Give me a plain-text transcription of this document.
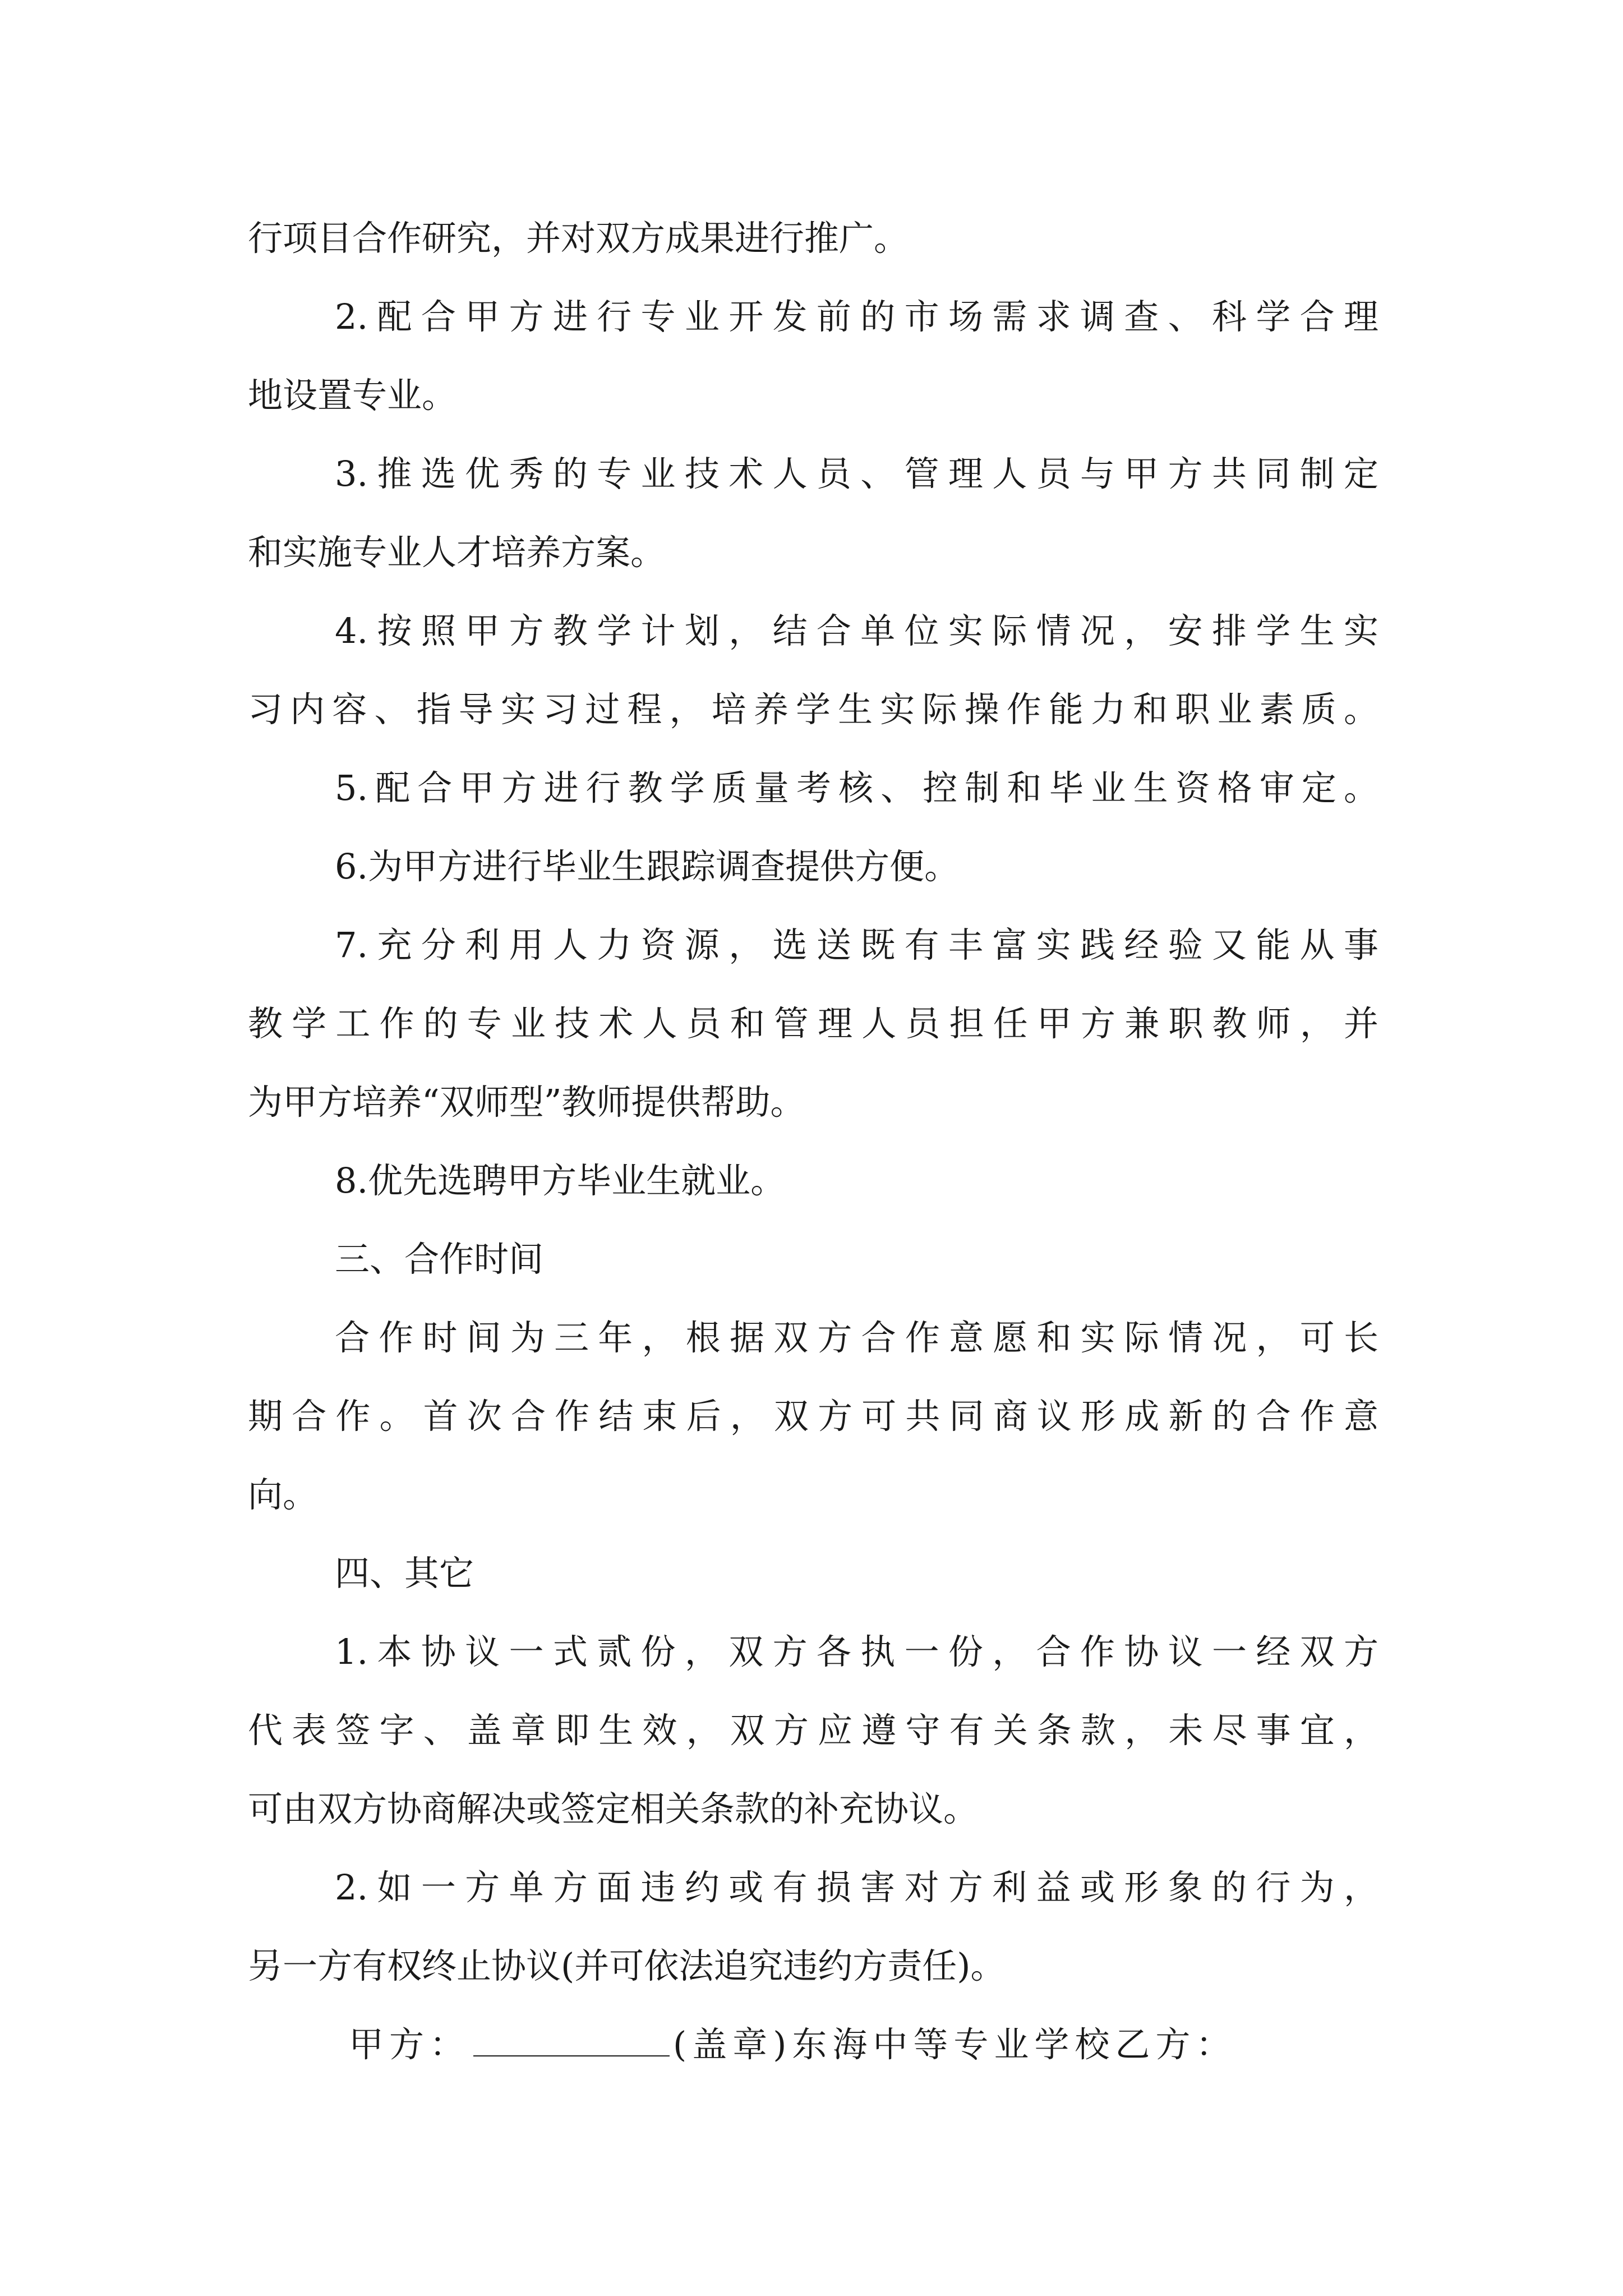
行项目合作研究，并对双方成果进行推广。
2.配合甲方进行专业开发前的市场需求调查、科学合理
地设置专业。
3.推选优秀的专业技术人员、管理人员与甲方共同制定
和实施专业人才培养方案。
4.按照甲方教学计划，结合单位实际情况，安排学生实
习内容、指导实习过程，培养学生实际操作能力和职业素质。
5.配合甲方进行教学质量考核、控制和毕业生资格审定。
6.为甲方进行毕业生跟踪调查提供方便。
7.充分利用人力资源，选送既有丰富实践经验又能从事
教学工作的专业技术人员和管理人员担任甲方兼职教师，并
为甲方培养“双师型”教师提供帮助。
8.优先选聘甲方毕业生就业。
三、合作时间
合作时间为三年，根据双方合作意愿和实际情况，可长
期合作。首次合作结束后，双方可共同商议形成新的合作意
向。
四、其它
1.本协议一式贰份，双方各执一份，合作协议一经双方
代表签字、盖章即生效，双方应遵守有关条款，未尽事宜，
可由双方协商解决或签定相关条款的补充协议。
2.如一方单方面违约或有损害对方利益或形象的行为，
另一方有权终止协议(并可依法追究违约方责任)。
甲方：	(盖章)东海中等专业学校乙方：
